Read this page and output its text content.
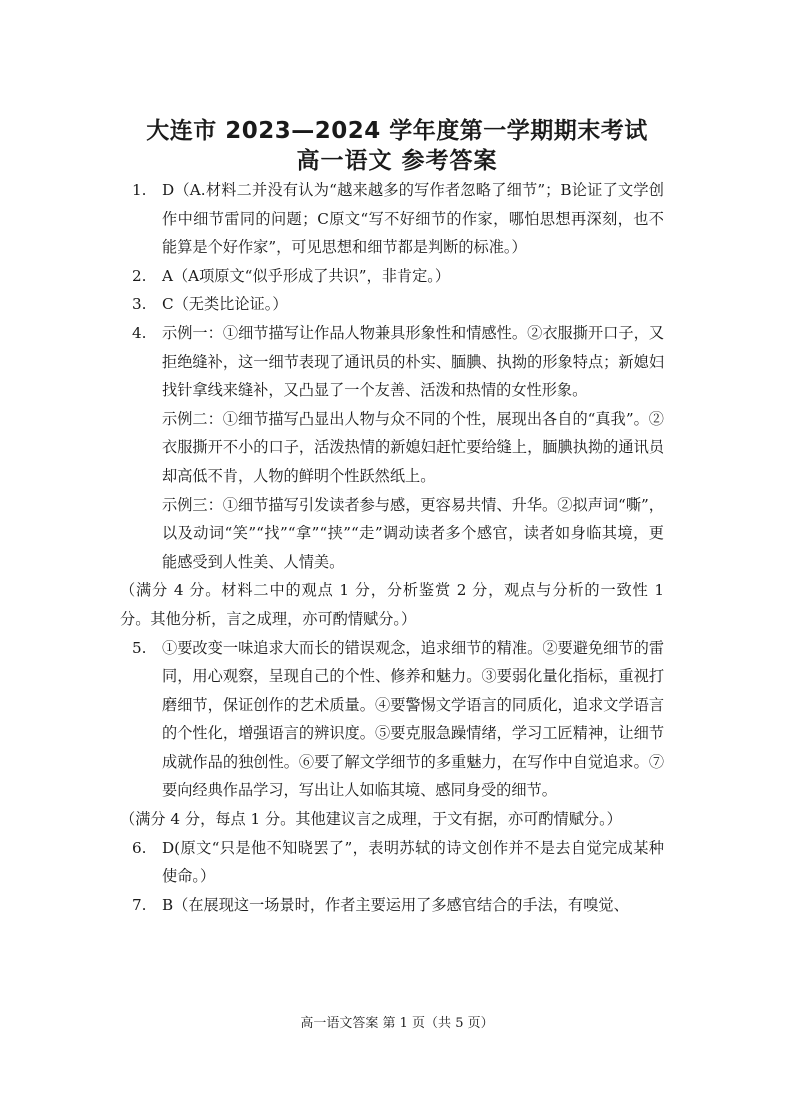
大连市 2023—2024 学年度第一学期期末考试
高一语文 参考答案
1.	D（A.材料二并没有认为“越来越多的写作者忽略了细节”；B论证了文学创作中细节雷同的问题；C原文“写不好细节的作家，哪怕思想再深刻，也不能算是个好作家”，可见思想和细节都是判断的标准。）
2.	A（A项原文“似乎形成了共识”，非肯定。）
3.	C（无类比论证。）
4.	示例一：①细节描写让作品人物兼具形象性和情感性。②衣服撕开口子，又拒绝缝补，这一细节表现了通讯员的朴实、腼腆、执拗的形象特点；新媳妇找针拿线来缝补，又凸显了一个友善、活泼和热情的女性形象。
示例二：①细节描写凸显出人物与众不同的个性，展现出各自的“真我”。②衣服撕开不小的口子，活泼热情的新媳妇赶忙要给缝上，腼腆执拗的通讯员却高低不肯，人物的鲜明个性跃然纸上。
示例三：①细节描写引发读者参与感，更容易共情、升华。②拟声词“嘶”，以及动词“笑”“找”“拿”“挟”“走”调动读者多个感官，读者如身临其境，更能感受到人性美、人情美。
（满分 4 分。材料二中的观点 1 分，分析鉴赏 2 分，观点与分析的一致性 1 分。其他分析，言之成理，亦可酌情赋分。）
5.	①要改变一味追求大而长的错误观念，追求细节的精准。②要避免细节的雷同，用心观察，呈现自己的个性、修养和魅力。③要弱化量化指标，重视打磨细节，保证创作的艺术质量。④要警惕文学语言的同质化，追求文学语言的个性化，增强语言的辨识度。⑤要克服急躁情绪，学习工匠精神，让细节成就作品的独创性。⑥要了解文学细节的多重魅力，在写作中自觉追求。⑦要向经典作品学习，写出让人如临其境、感同身受的细节。
（满分 4 分，每点 1 分。其他建议言之成理，于文有据，亦可酌情赋分。）
6.	D(原文“只是他不知晓罢了”，表明苏轼的诗文创作并不是去自觉完成某种使命。）
7.	B（在展现这一场景时，作者主要运用了多感官结合的手法，有嗅觉、
高一语文答案 第 1 页（共 5 页）
